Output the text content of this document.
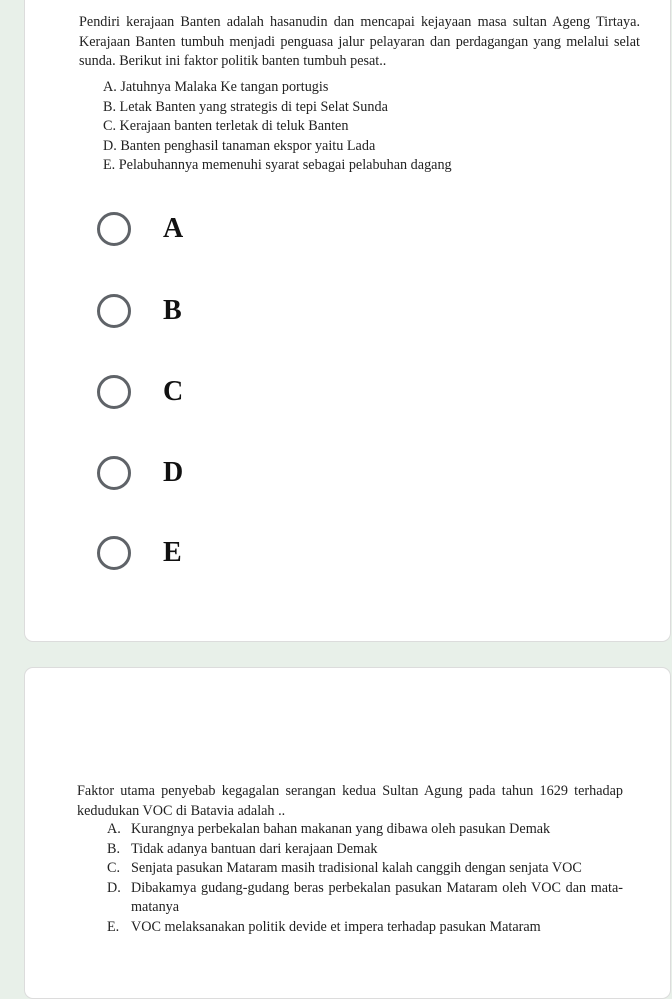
Pendiri kerajaan Banten adalah hasanudin dan mencapai kejayaan masa sultan Ageng Tirtaya. Kerajaan Banten tumbuh menjadi penguasa jalur pelayaran dan perdagangan yang melalui selat sunda. Berikut ini faktor politik banten tumbuh pesat..
A. Jatuhnya Malaka Ke tangan portugis
B. Letak Banten yang strategis di tepi Selat Sunda
C. Kerajaan banten terletak di teluk Banten
D. Banten penghasil tanaman ekspor yaitu Lada
E. Pelabuhannya memenuhi syarat sebagai pelabuhan dagang
A
B
C
D
E
Faktor utama penyebab kegagalan serangan kedua Sultan Agung pada tahun 1629 terhadap kedudukan VOC di Batavia adalah ..
A. Kurangnya perbekalan bahan makanan yang dibawa oleh pasukan Demak
B. Tidak adanya bantuan dari kerajaan Demak
C. Senjata pasukan Mataram masih tradisional kalah canggih dengan senjata VOC
D. Dibakamya gudang-gudang beras perbekalan pasukan Mataram oleh VOC dan mata-matanya
E. VOC melaksanakan politik devide et impera terhadap pasukan Mataram
